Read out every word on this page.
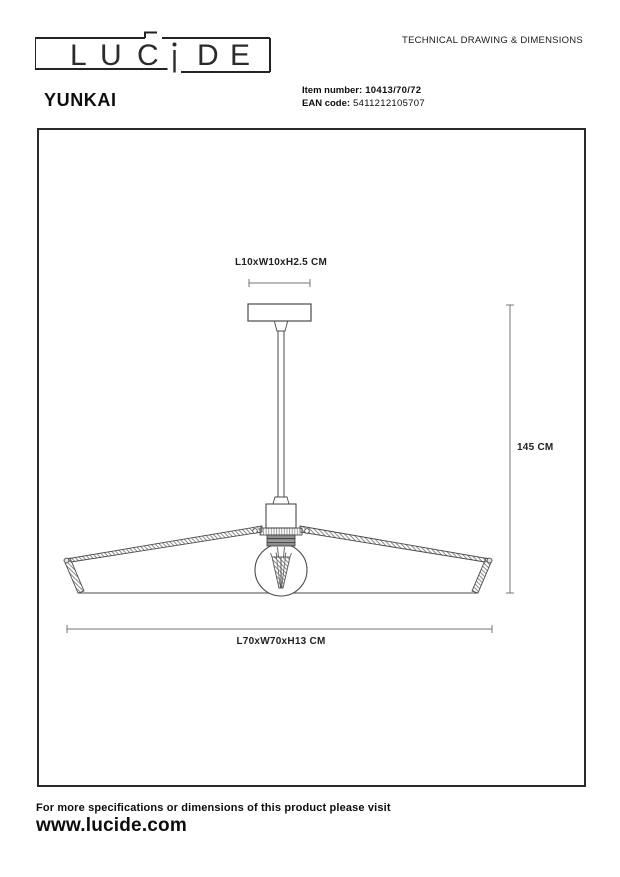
L U C D E	TECHNICAL DRAWING & DIMENSIONS
YUNKAI	Item number: 10413/70/72
EAN code: 5411212105707
L10xW10xH2.5 CM
145 CM
L70xW70xH13 CM
For more specifications or dimensions of this product please visit
www.lucide.com
